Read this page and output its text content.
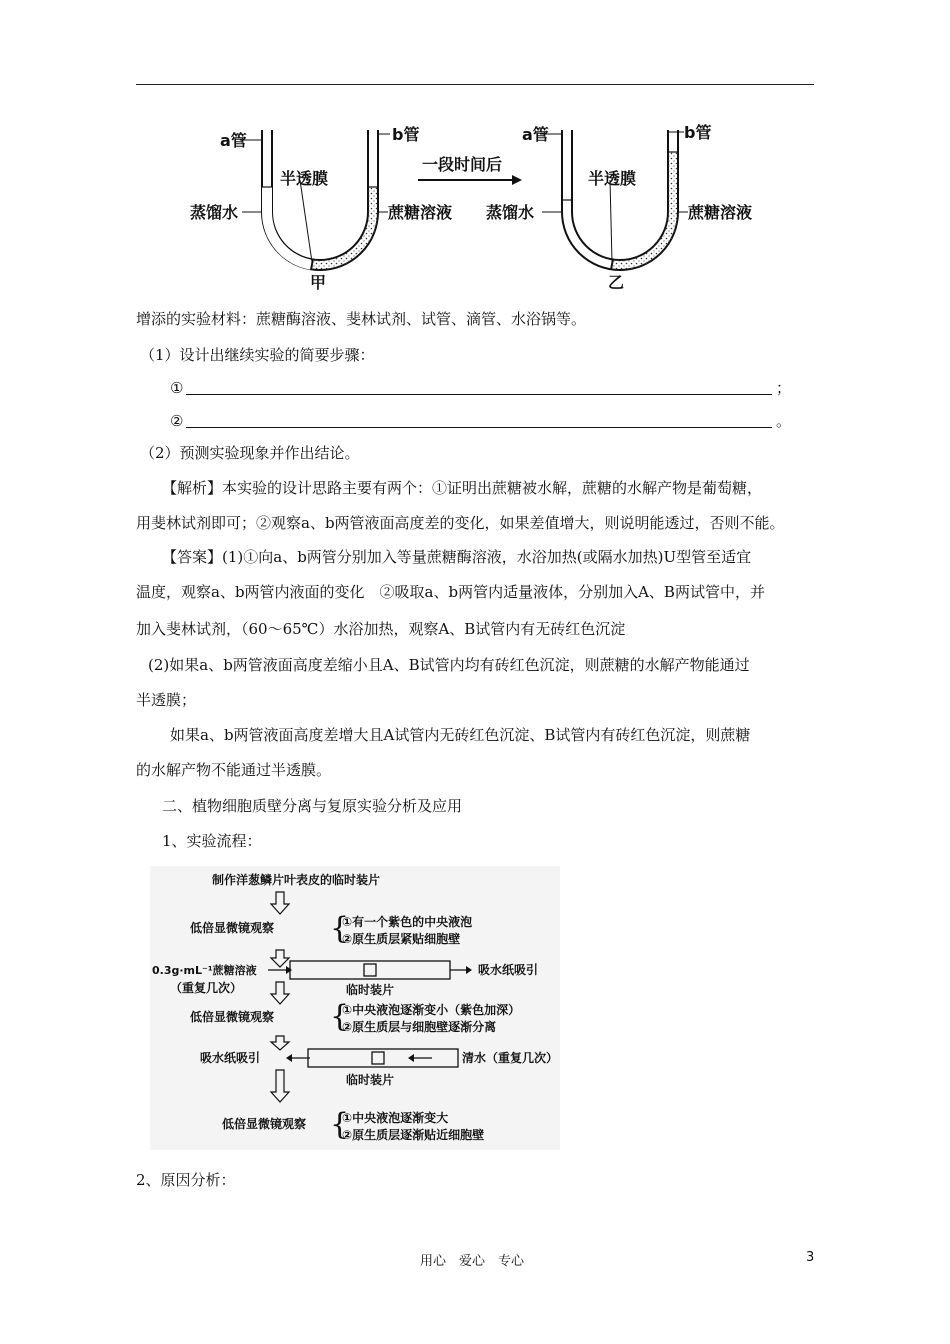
a管	b管
半透膜
蒸馏水	蔗糖溶液
甲
一段时间后
a管	b管
半透膜
蒸馏水	蔗糖溶液
乙
增添的实验材料：蔗糖酶溶液、斐林试剂、试管、滴管、水浴锅等。
（1）设计出继续实验的简要步骤：
①	；
②	。
（2）预测实验现象并作出结论。
【解析】本实验的设计思路主要有两个：①证明出蔗糖被水解，蔗糖的水解产物是葡萄糖，
用斐林试剂即可；②观察a、b两管液面高度差的变化，如果差值增大，则说明能透过，否则不能。
【答案】(1)①向a、b两管分别加入等量蔗糖酶溶液，水浴加热(或隔水加热)U型管至适宜
温度，观察a、b两管内液面的变化　②吸取a、b两管内适量液体，分别加入A、B两试管中，并
加入斐林试剂，（60～65℃）水浴加热，观察A、B试管内有无砖红色沉淀
(2)如果a、b两管液面高度差缩小且A、B试管内均有砖红色沉淀，则蔗糖的水解产物能通过
半透膜；
如果a、b两管液面高度差增大且A试管内无砖红色沉淀、B试管内有砖红色沉淀，则蔗糖
的水解产物不能通过半透膜。
二、植物细胞质壁分离与复原实验分析及应用
1、实验流程：
制作洋葱鳞片叶表皮的临时装片
低倍显微镜观察 {
①有一个紫色的中央液泡
②原生质层紧贴细胞壁
0.3g·mL⁻¹蔗糖溶液
（重复几次）
吸水纸吸引
临时装片
低倍显微镜观察 {
①中央液泡逐渐变小（紫色加深）
②原生质层与细胞壁逐渐分离
吸水纸吸引	清水（重复几次）
临时装片
低倍显微镜观察 {
①中央液泡逐渐变大
②原生质层逐渐贴近细胞壁
2、原因分析：
用心　爱心　专心	3
